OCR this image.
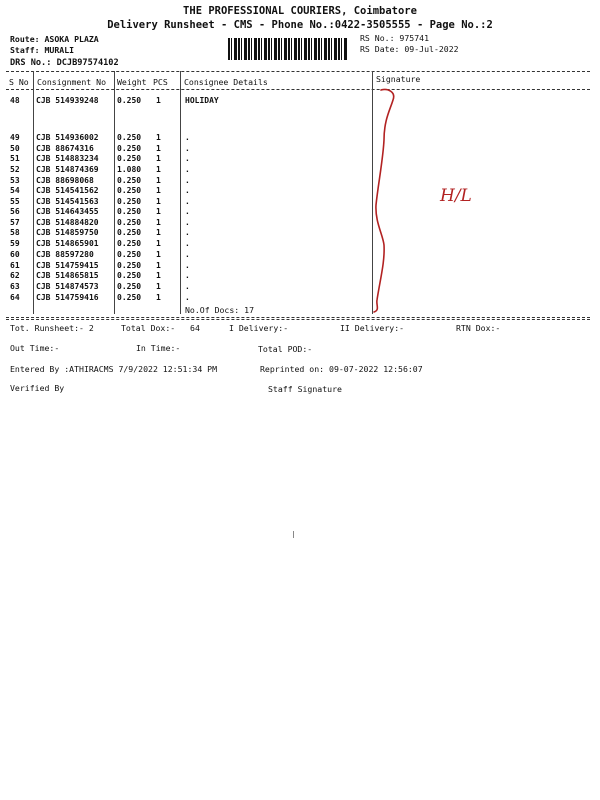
THE PROFESSIONAL COURIERS, Coimbatore
Delivery Runsheet - CMS - Phone No.:0422-3505555 - Page No.:2
Route: ASOKA PLAZA
Staff: MURALI
DRS No.: DCJB97574102
RS No.: 975741
RS Date: 09-Jul-2022
S No Consignment No Weight PCS Consignee Details	Signature
48 CJB 514939248 0.250 1	HOLIDAY
49 CJB 514936002 0.250 1	.
50 CJB 88674316	0.250 1	.
51 CJB 514883234 0.250 1	.
52 CJB 514874369 1.080 1	.
53 CJB 88698068	0.250 1	.
54 CJB 514541562 0.250 1	.
55 CJB 514541563 0.250 1	.
56 CJB 514643455 0.250 1	.
57 CJB 514884820 0.250 1	.
58 CJB 514859750 0.250 1	.
59 CJB 514865901 0.250 1	.
60 CJB 88597280	0.250 1	.
61 CJB 514759415 0.250 1	.
62 CJB 514865815 0.250 1	.
63 CJB 514874573 0.250 1	.
64 CJB 514759416 0.250 1	.
No.Of Docs: 17
Tot. Runsheet:- 2	Total Dox:-   64	I Delivery:-	II Delivery:-	RTN Dox:-
Out Time:-	In Time:-	Total POD:-
Entered By :ATHIRACMS 7/9/2022 12:51:34 PM	Reprinted on: 09-07-2022 12:56:07
Verified By	Staff Signature
H/L
